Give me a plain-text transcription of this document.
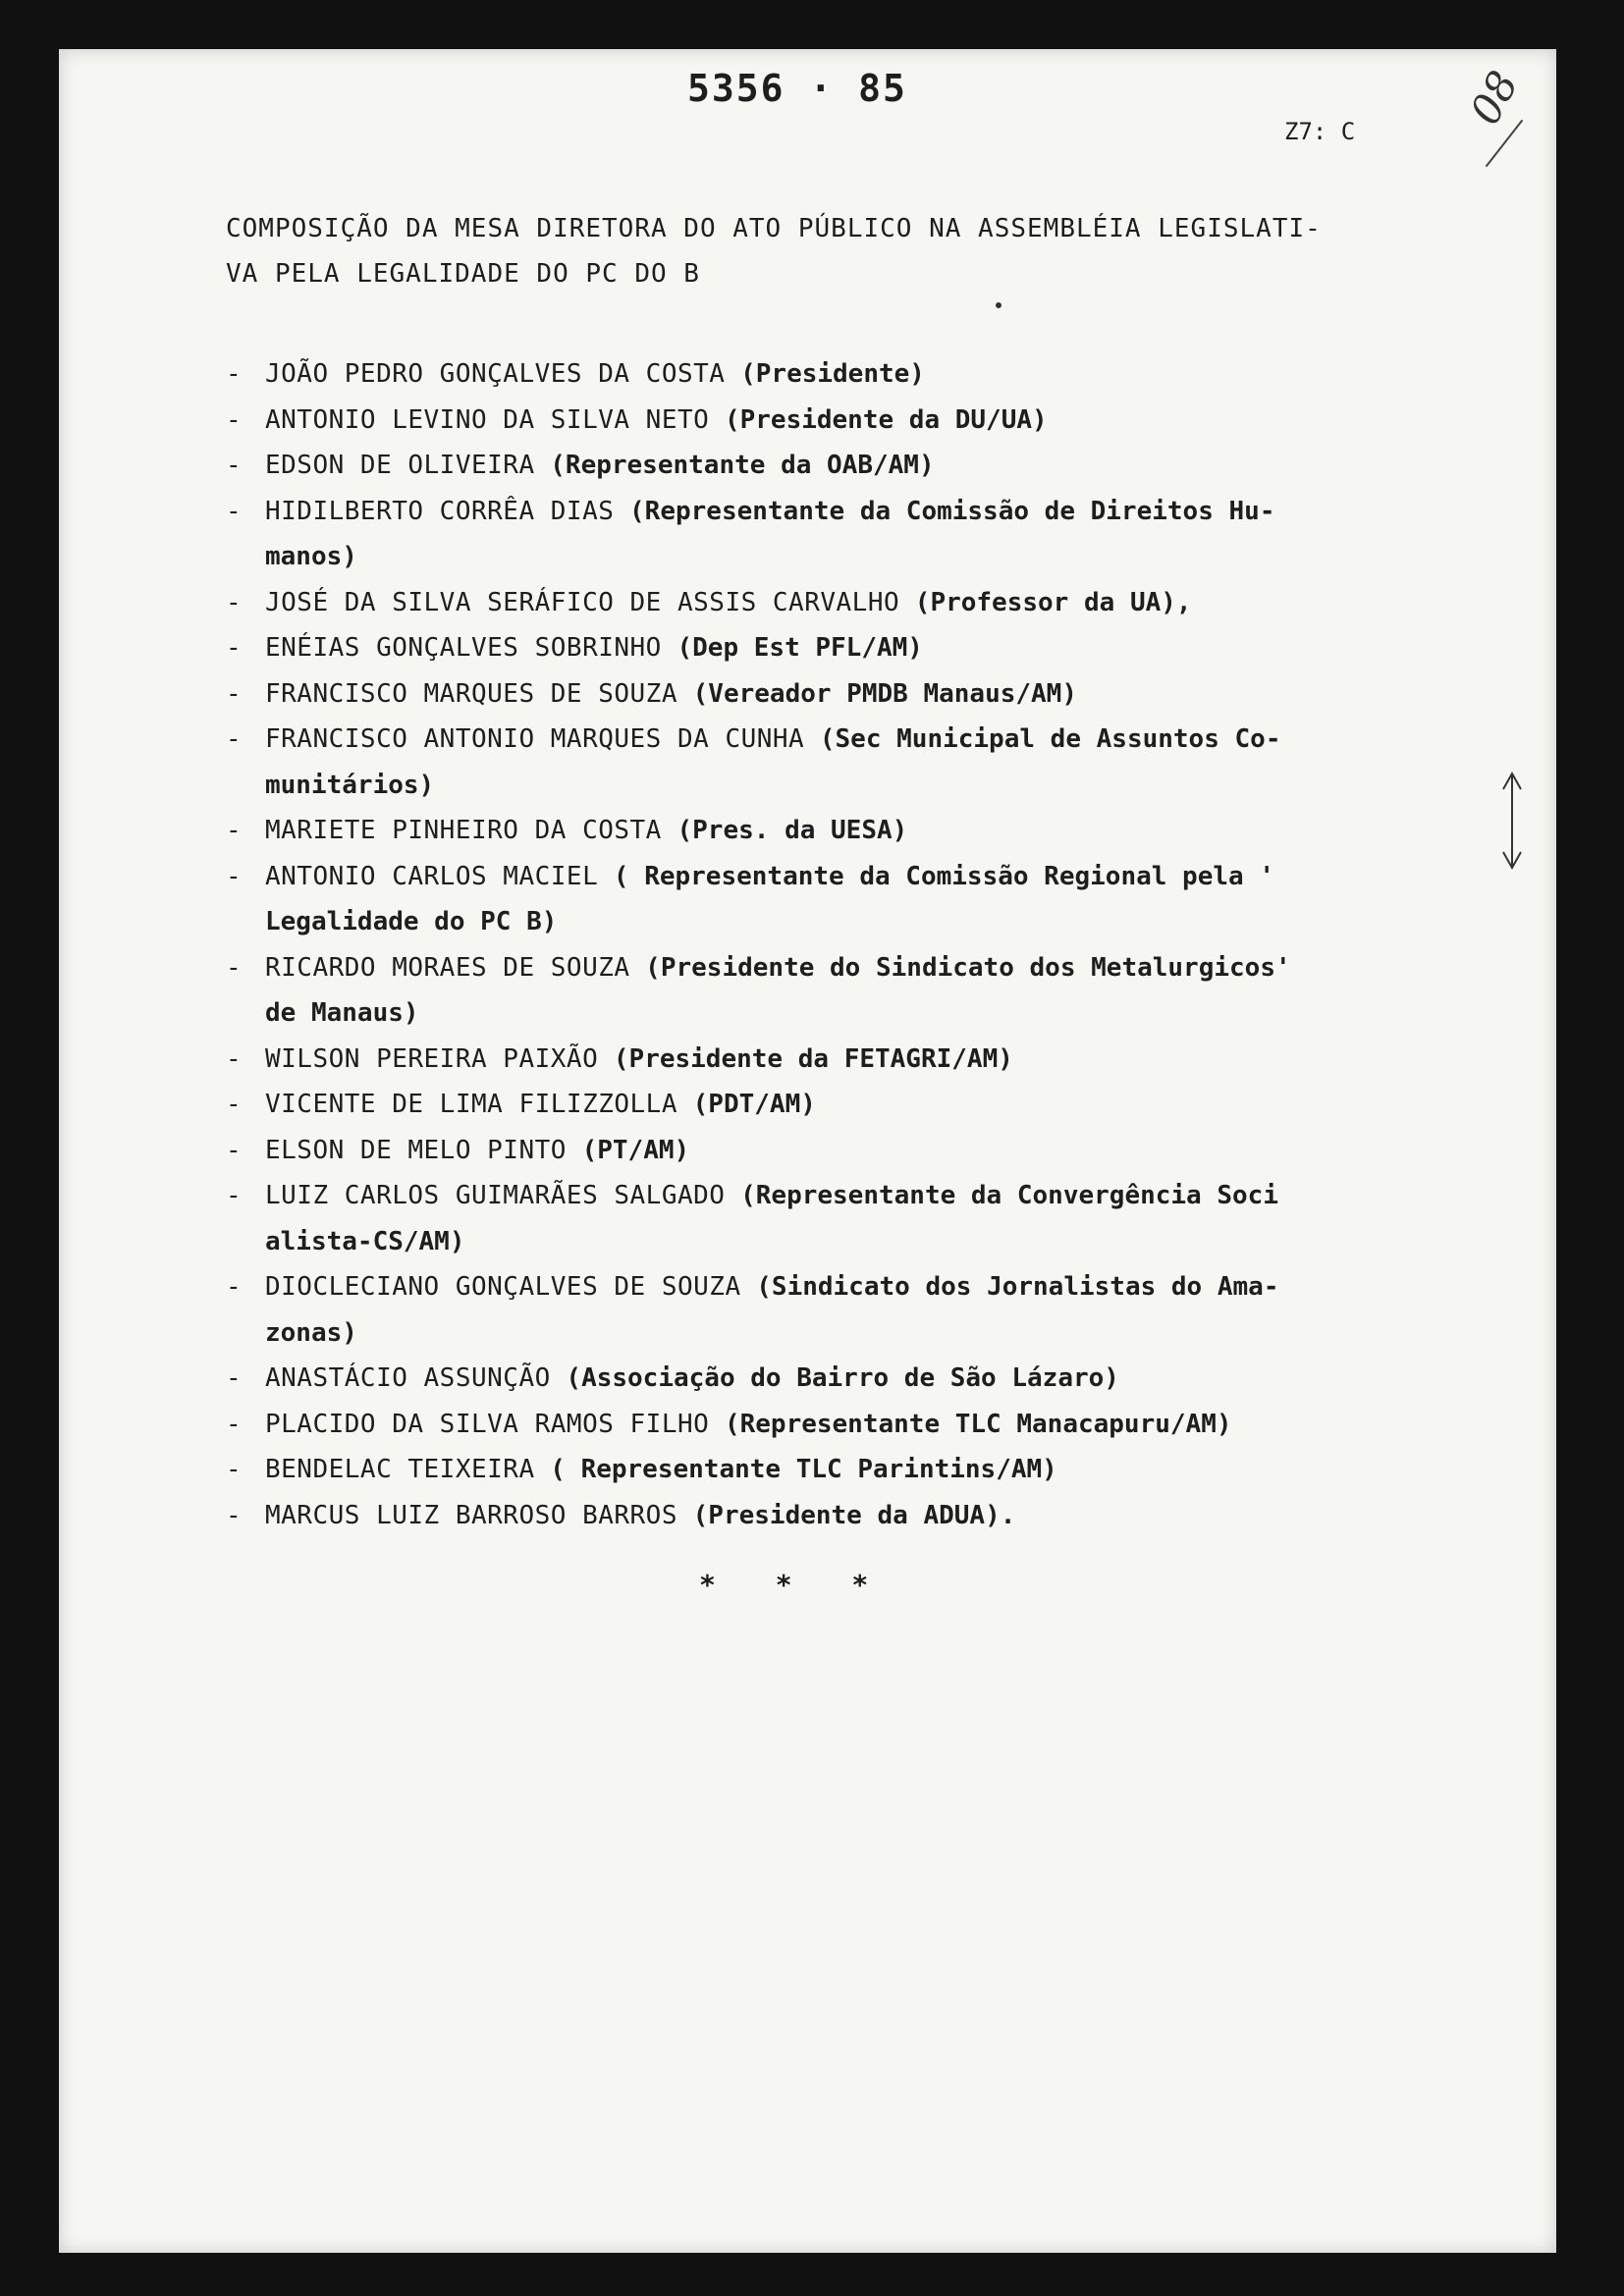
5356 · 85
Z7: C	08
COMPOSIÇÃO DA MESA DIRETORA DO ATO PÚBLICO NA ASSEMBLÉIA LEGISLATI-
VA PELA LEGALIDADE DO PC DO B
- JOÃO PEDRO GONÇALVES DA COSTA (Presidente)
- ANTONIO LEVINO DA SILVA NETO (Presidente da DU/UA)
- EDSON DE OLIVEIRA (Representante da OAB/AM)
- HIDILBERTO CORRÊA DIAS (Representante da Comissão de Direitos Hu-
manos)
- JOSÉ DA SILVA SERÁFICO DE ASSIS CARVALHO (Professor da UA),
- ENÉIAS GONÇALVES SOBRINHO (Dep Est PFL/AM)
- FRANCISCO MARQUES DE SOUZA (Vereador PMDB Manaus/AM)
- FRANCISCO ANTONIO MARQUES DA CUNHA (Sec Municipal de Assuntos Co-
munitários)
- MARIETE PINHEIRO DA COSTA (Pres. da UESA)
- ANTONIO CARLOS MACIEL ( Representante da Comissão Regional pela '
Legalidade do PC B)
- RICARDO MORAES DE SOUZA (Presidente do Sindicato dos Metalurgicos'
de Manaus)
- WILSON PEREIRA PAIXÃO (Presidente da FETAGRI/AM)
- VICENTE DE LIMA FILIZZOLLA (PDT/AM)
- ELSON DE MELO PINTO (PT/AM)
- LUIZ CARLOS GUIMARÃES SALGADO (Representante da Convergência Soci
alista-CS/AM)
- DIOCLECIANO GONÇALVES DE SOUZA (Sindicato dos Jornalistas do Ama-
zonas)
- ANASTÁCIO ASSUNÇÃO (Associação do Bairro de São Lázaro)
- PLACIDO DA SILVA RAMOS FILHO (Representante TLC Manacapuru/AM)
- BENDELAC TEIXEIRA ( Representante TLC Parintins/AM)
- MARCUS LUIZ BARROSO BARROS (Presidente da ADUA).
* * *
